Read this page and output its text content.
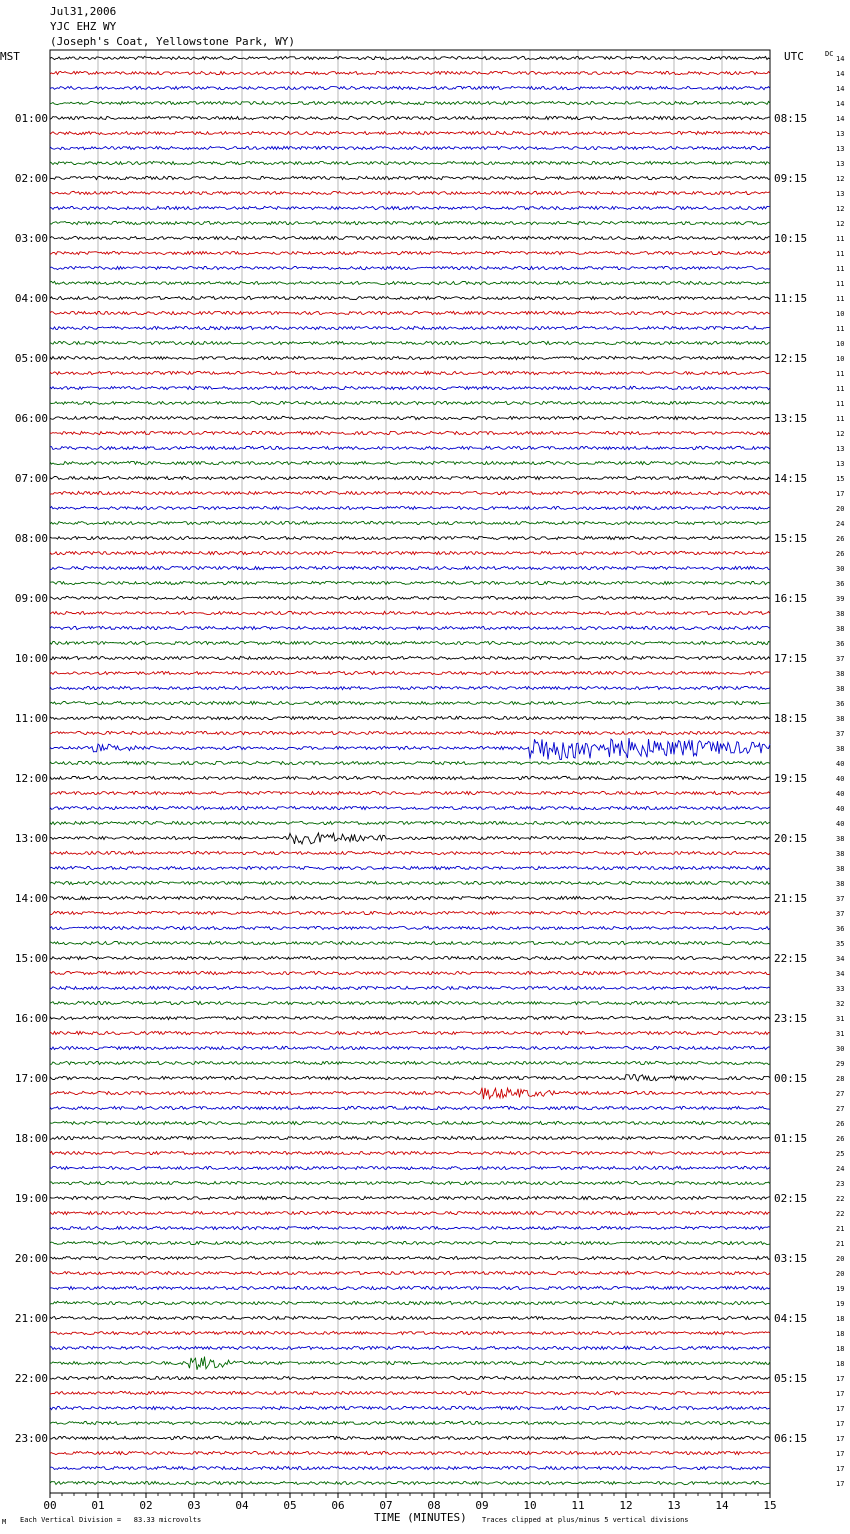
Jul31,2006
YJC EHZ WY
(Joseph's Coat, Yellowstone Park, WY)
MST	UTC	DC
14
14
14
14
14
13
13
13
12
13
12
12
11
11
11
11
11
10
11
10
10
11
11
11
11
12
13
13
15
17
20
24
26
26
30
36
39
38
38
36
37
38
38
36
38
37
38
40
40
40
40
40
38
38
38
38
37
37
36
35
34
34
33
32
31
31
30
29
28
27
27
26
26
25
24
23
22
22
21
21
20
20
19
19
18
18
18
18
17
17
17
17
17
17
17
17
01:00	08:15
02:00	09:15
03:00	10:15
04:00	11:15
05:00	12:15
06:00	13:15
07:00	14:15
08:00	15:15
09:00	16:15
10:00	17:15
11:00	18:15
12:00	19:15
13:00	20:15
14:00	21:15
15:00	22:15
16:00	23:15
17:00	00:15
18:00	01:15
19:00	02:15
20:00	03:15
21:00	04:15
22:00	05:15
23:00	06:15
00	01	02	03	04	05	06	07	08	09	10	11	12	13	14	15
M Each Vertical Division =   83.33 microvolts	TIME (MINUTES) Traces clipped at plus/minus 5 vertical divisions
